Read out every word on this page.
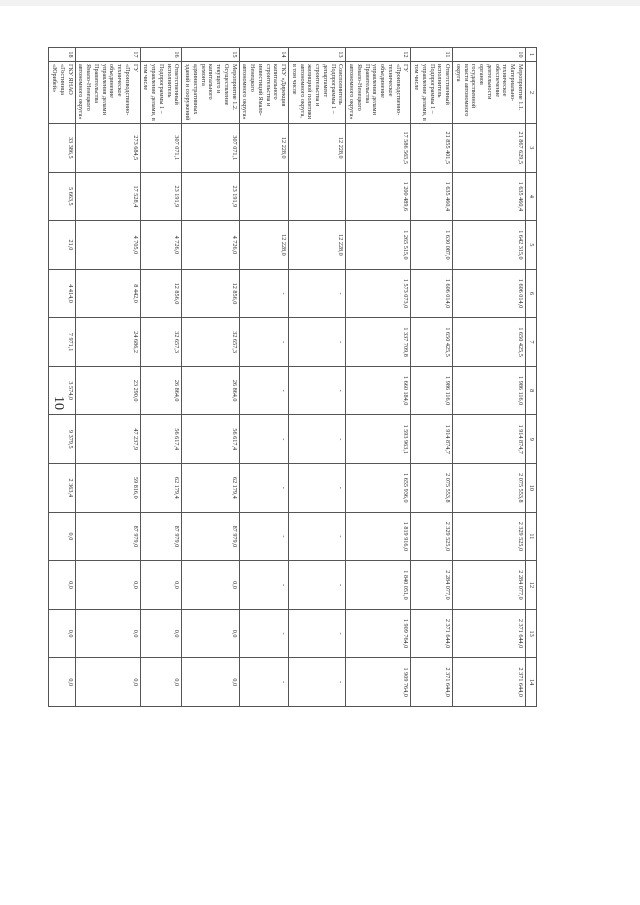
10
1	2	3	4	5	6	7	8	9	10	11	12	13	14
10	Мероприятие 1.1. Материально-техническое обеспечение деятельности органов государственной власти автономного округа	21 867 629,5	1 635 460,4	1 642 315,0	1 606 014,0	1 650 425,5	1 986 116,0	1 914 874,7	2 075 553,8	2 329 525,0	2 284 077,0	2 371 644,0	2 371 644,0
11	Ответственный исполнитель Подпрограммы 1 – управление делами, в том числе	21 855 401,5	1 635 460,4	1 630 087,0	1 606 014,0	1 650 425,5	1 986 116,0	1 914 874,7	2 075 553,8	2 329 525,0	2 284 077,0	2 371 644,0	2 371 644,0
12	ГУ «Производственно-техническое объединение управления делами Правительства Ямало-Ненецкого автономного округа»	17 586 565,5	1 200 489,6	1 265 515,0	1 573 073,0	1 337 709,8	1 660 184,0	1 593 963,1	1 655 936,0	1 819 916,0	1 840 051,0	1 909 764,0	1 909 764,0
13	Соисполнитель Подпрограммы 1 – департамент строительства и жилищной политики автономного округа, в том числе	12 228,0		12 228,0	-	-	-	-	-	-	-	-	-
14	ГКУ «Дирекция капитального строительства и инвестиций Ямало-Ненецкого автономного округа»	12 228,0		12 228,0	-	-	-	-	-	-	-	-	-
15	Мероприятие 1.2. Осуществление текущего и капитального ремонта административных зданий и сооружений	307 071,1	23 191,9	4 726,0	12 856,0	32 657,3	26 864,0	56 617,4	62 179,4	87 979,0	0,0	0,0	0,0
16	Ответственный исполнитель Подпрограммы 1 – управление делами, в том числе	307 071,1	23 191,9	4 726,0	12 856,0	32 657,3	26 864,0	56 617,4	62 179,4	87 979,0	0,0	0,0	0,0
17	ГУ «Производственно-техническое объединение управления делами Правительства Ямало-Ненецкого автономного округа»	273 684,5	17 528,4	4 705,0	8 442,0	24 686,2	23 290,0	47 237,9	59 816,0	87 979,0	0,0	0,0	0,0
18	ГКУ ЯНАО «Гостиница «Юрибей»	33 386,5	5 663,5	21,0	4 414,0	7 971,1	3 574,0	9 379,5	2 363,4	0,0	0,0	0,0	0,0
